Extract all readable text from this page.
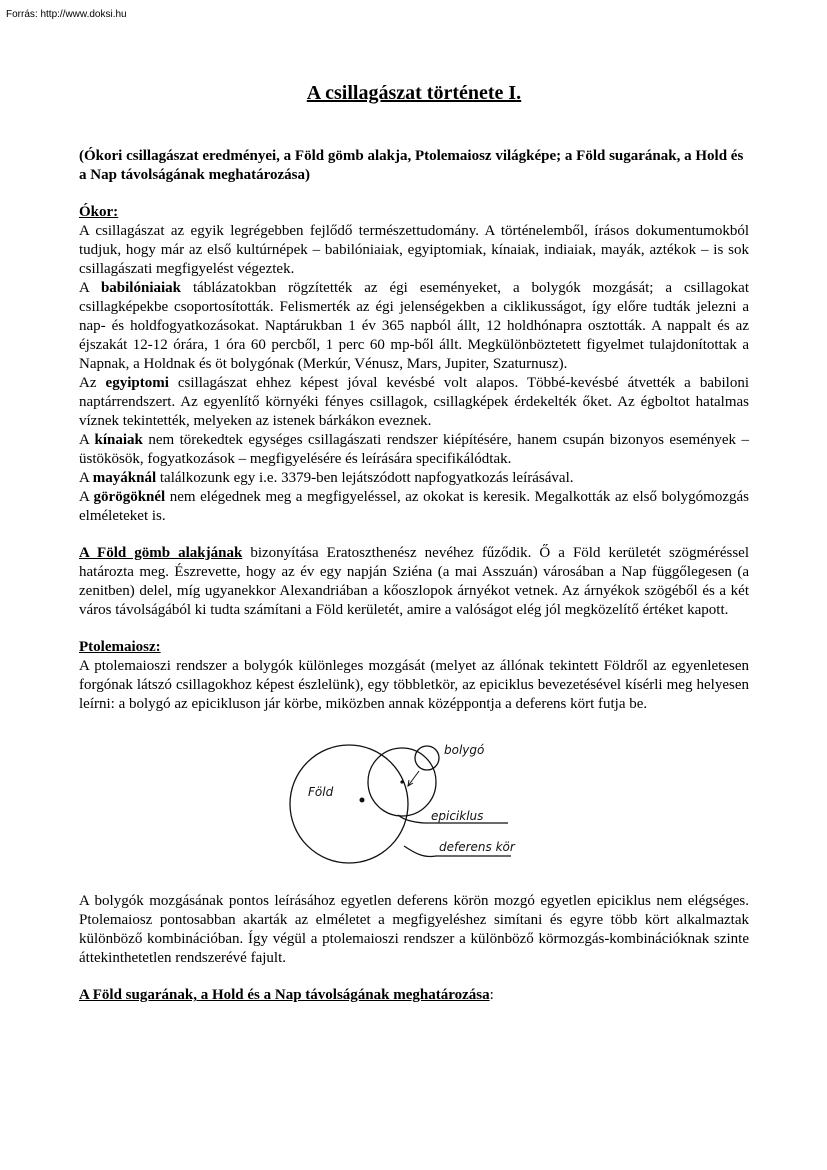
Forrás: http://www.doksi.hu
A csillagászat története I.

(Ókori csillagászat eredményei, a Föld gömb alakja, Ptolemaiosz világképe; a Föld sugarának, a Hold és a Nap távolságának meghatározása)

Ókor:

A csillagászat az egyik legrégebben fejlődő természettudomány. A történelemből, írásos dokumentumokból tudjuk, hogy már az első kultúrnépek – babilóniaiak, egyiptomiak, kínaiak, indiaiak, mayák, aztékok – is sok csillagászati megfigyelést végeztek.

A babilóniaiak táblázatokban rögzítették az égi eseményeket, a bolygók mozgását; a csillagokat csillagképekbe csoportosították. Felismerték az égi jelenségekben a ciklikusságot, így előre tudták jelezni a nap- és holdfogyatkozásokat. Naptárukban 1 év 365 napból állt, 12 holdhónapra osztották. A nappalt és az éjszakát 12-12 órára, 1 óra 60 percből, 1 perc 60 mp-ből állt. Megkülönböztetett figyelmet tulajdonítottak a Napnak, a Holdnak és öt bolygónak (Merkúr, Vénusz, Mars, Jupiter, Szaturnusz).

Az egyiptomi csillagászat ehhez képest jóval kevésbé volt alapos. Többé-kevésbé átvették a babiloni naptárrendszert. Az egyenlítő környéki fényes csillagok, csillagképek érdekelték őket. Az égboltot hatalmas víznek tekintették, melyeken az istenek bárkákon eveznek.

A kínaiak nem törekedtek egységes csillagászati rendszer kiépítésére, hanem csupán bizonyos események – üstökösök, fogyatkozások – megfigyelésére és leírására specifikálódtak.

A mayáknál találkozunk egy i.e. 3379-ben lejátszódott napfogyatkozás leírásával.

A görögöknél nem elégednek meg a megfigyeléssel, az okokat is keresik. Megalkották az első bolygómozgás elméleteket is.

A Föld gömb alakjának bizonyítása Eratoszthenész nevéhez fűződik. Ő a Föld kerületét szögméréssel határozta meg. Észrevette, hogy az év egy napján Sziéna (a mai Asszuán) városában a Nap függőlegesen (a zenitben) delel, míg ugyanekkor Alexandriában a kőoszlopok árnyékot vetnek. Az árnyékok szögéből és a két város távolságából ki tudta számítani a Föld kerületét, amire a valóságot elég jól megközelítő értéket kapott.

Ptolemaiosz:

A ptolemaioszi rendszer a bolygók különleges mozgását (melyet az állónak tekintett Földről az egyenletesen forgónak látszó csillagokhoz képest észlelünk), egy többletkör, az epiciklus bevezetésével kísérli meg helyesen leírni: a bolygó az epicikluson jár körbe, miközben annak középpontja a deferens kört futja be.

bolygó
Föld
epiciklus
deferens kör

A bolygók mozgásának pontos leírásához egyetlen deferens körön mozgó egyetlen epiciklus nem elégséges. Ptolemaiosz pontosabban akarták az elméletet a megfigyeléshez simítani és egyre több kört alkalmaztak különböző kombinációban. Így végül a ptolemaioszi rendszer a különböző körmozgás-kombinációknak szinte áttekinthetetlen rendszerévé fajult.

A Föld sugarának, a Hold és a Nap távolságának meghatározása:
